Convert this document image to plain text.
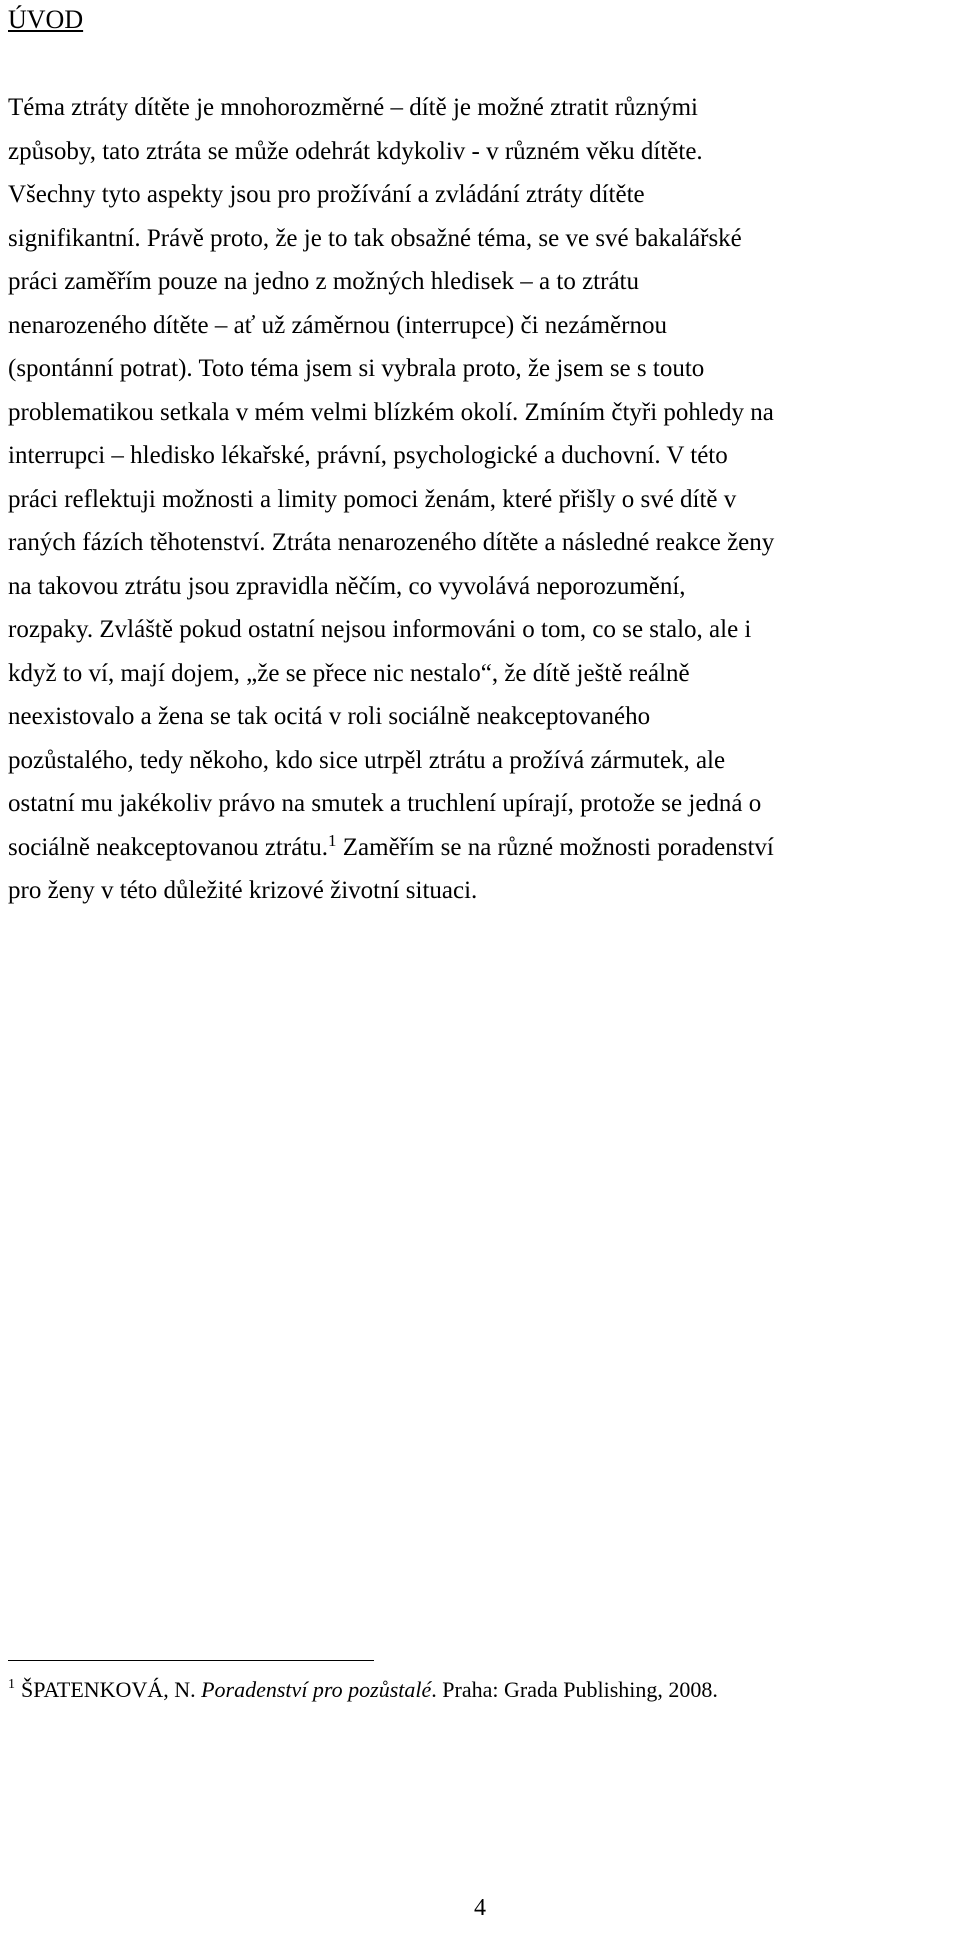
ÚVOD

Téma ztráty dítěte je mnohorozměrné – dítě je možné ztratit různými
způsoby, tato ztráta se může odehrát kdykoliv - v různém věku dítěte.
Všechny tyto aspekty jsou pro prožívání a zvládání ztráty dítěte
signifikantní. Právě proto, že je to tak obsažné téma, se ve své bakalářské
práci zaměřím pouze na jedno z možných hledisek – a to ztrátu
nenarozeného dítěte – ať už záměrnou (interrupce) či nezáměrnou
(spontánní potrat). Toto téma jsem si vybrala proto, že jsem se s touto
problematikou setkala v mém velmi blízkém okolí. Zmíním čtyři pohledy na
interrupci – hledisko lékařské, právní, psychologické a duchovní. V této
práci reflektuji možnosti a limity pomoci ženám, které přišly o své dítě v
raných fázích těhotenství. Ztráta nenarozeného dítěte a následné reakce ženy
na takovou ztrátu jsou zpravidla něčím, co vyvolává neporozumění,
rozpaky. Zvláště pokud ostatní nejsou informováni o tom, co se stalo, ale i
když to ví, mají dojem, „že se přece nic nestalo“, že dítě ještě reálně
neexistovalo a žena se tak ocitá v roli sociálně neakceptovaného
pozůstalého, tedy někoho, kdo sice utrpěl ztrátu a prožívá zármutek, ale
ostatní mu jakékoliv právo na smutek a truchlení upírají, protože se jedná o
sociálně neakceptovanou ztrátu.$^1$ Zaměřím se na různé možnosti poradenství
pro ženy v této důležité krizové životní situaci.

$^1$ ŠPATENKOVÁ, N. Poradenství pro pozůstalé. Praha: Grada Publishing, 2008.

4
